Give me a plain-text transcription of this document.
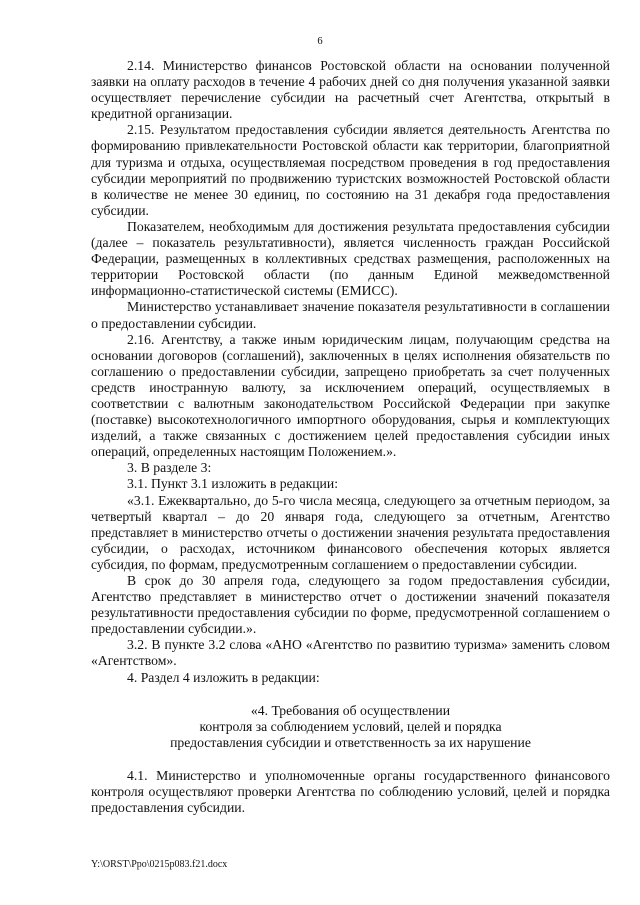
6

2.14. Министерство финансов Ростовской области на основании полученной заявки на оплату расходов в течение 4 рабочих дней со дня получения указанной заявки осуществляет перечисление субсидии на расчетный счет Агентства, открытый в кредитной организации.

2.15. Результатом предоставления субсидии является деятельность Агентства по формированию привлекательности Ростовской области как территории, благоприятной для туризма и отдыха, осуществляемая посредством проведения в год предоставления субсидии мероприятий по продвижению туристских возможностей Ростовской области в количестве не менее 30 единиц, по состоянию на 31 декабря года предоставления субсидии.

Показателем, необходимым для достижения результата предоставления субсидии (далее – показатель результативности), является численность граждан Российской Федерации, размещенных в коллективных средствах размещения, расположенных на территории Ростовской области (по данным Единой межведомственной информационно-статистической системы (ЕМИСС).

Министерство устанавливает значение показателя результативности в соглашении о предоставлении субсидии.

2.16. Агентству, а также иным юридическим лицам, получающим средства на основании договоров (соглашений), заключенных в целях исполнения обязательств по соглашению о предоставлении субсидии, запрещено приобретать за счет полученных средств иностранную валюту, за исключением операций, осуществляемых в соответствии с валютным законодательством Российской Федерации при закупке (поставке) высокотехнологичного импортного оборудования, сырья и комплектующих изделий, а также связанных с достижением целей предоставления субсидии иных операций, определенных настоящим Положением.».

3. В разделе 3:

3.1. Пункт 3.1 изложить в редакции:

«3.1. Ежеквартально, до 5-го числа месяца, следующего за отчетным периодом, за четвертый квартал – до 20 января года, следующего за отчетным, Агентство представляет в министерство отчеты о достижении значения результата предоставления субсидии, о расходах, источником финансового обеспечения которых является субсидия, по формам, предусмотренным соглашением о предоставлении субсидии.

В срок до 30 апреля года, следующего за годом предоставления субсидии, Агентство представляет в министерство отчет о достижении значений показателя результативности предоставления субсидии по форме, предусмотренной соглашением о предоставлении субсидии.».

3.2. В пункте 3.2 слова «АНО «Агентство по развитию туризма» заменить словом «Агентством».

4. Раздел 4 изложить в редакции:

«4. Требования об осуществлении
контроля за соблюдением условий, целей и порядка
предоставления субсидии и ответственность за их нарушение

4.1. Министерство и уполномоченные органы государственного финансового контроля осуществляют проверки Агентства по соблюдению условий, целей и порядка предоставления субсидии.

Y:\ORST\Ppo\0215p083.f21.docx
